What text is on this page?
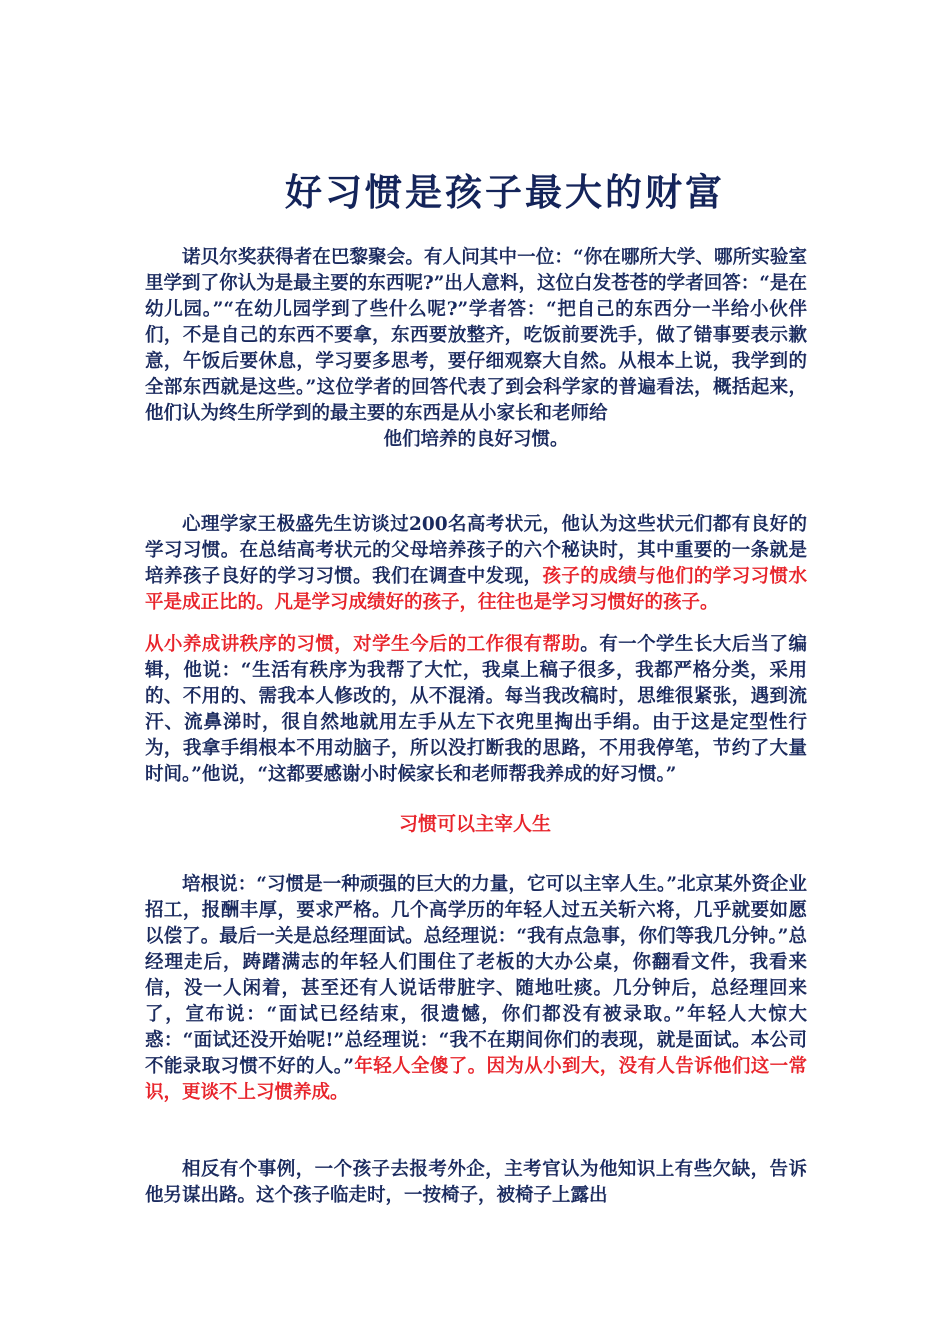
好习惯是孩子最大的财富
诺贝尔奖获得者在巴黎聚会。有人问其中一位：“你在哪所大学、哪所实验室里学到了你认为是最主要的东西呢?”出人意料，这位白发苍苍的学者回答：“是在幼儿园。”“在幼儿园学到了些什么呢?”学者答：“把自己的东西分一半给小伙伴们，不是自己的东西不要拿，东西要放整齐，吃饭前要洗手，做了错事要表示歉意，午饭后要休息，学习要多思考，要仔细观察大自然。从根本上说，我学到的全部东西就是这些。”这位学者的回答代表了到会科学家的普遍看法，概括起来，他们认为终生所学到的最主要的东西是从小家长和老师给
他们培养的良好习惯。
心理学家王极盛先生访谈过200名高考状元，他认为这些状元们都有良好的学习习惯。在总结高考状元的父母培养孩子的六个秘诀时，其中重要的一条就是培养孩子良好的学习习惯。我们在调查中发现，孩子的成绩与他们的学习习惯水平是成正比的。凡是学习成绩好的孩子，往往也是学习习惯好的孩子。
从小养成讲秩序的习惯，对学生今后的工作很有帮助。有一个学生长大后当了编辑，他说：“生活有秩序为我帮了大忙，我桌上稿子很多，我都严格分类，采用的、不用的、需我本人修改的，从不混淆。每当我改稿时，思维很紧张，遇到流汗、流鼻涕时，很自然地就用左手从左下衣兜里掏出手绢。由于这是定型性行为，我拿手绢根本不用动脑子，所以没打断我的思路，不用我停笔，节约了大量时间。”他说，“这都要感谢小时候家长和老师帮我养成的好习惯。”
习惯可以主宰人生
培根说：“习惯是一种顽强的巨大的力量，它可以主宰人生。”北京某外资企业招工，报酬丰厚，要求严格。几个高学历的年轻人过五关斩六将，几乎就要如愿以偿了。最后一关是总经理面试。总经理说：“我有点急事，你们等我几分钟。”总经理走后，踌躇满志的年轻人们围住了老板的大办公桌，你翻看文件，我看来信，没一人闲着，甚至还有人说话带脏字、随地吐痰。几分钟后，总经理回来了，宣布说：“面试已经结束，很遗憾，你们都没有被录取。”年轻人大惊大惑：“面试还没开始呢!”总经理说：“我不在期间你们的表现，就是面试。本公司不能录取习惯不好的人。”年轻人全傻了。因为从小到大，没有人告诉他们这一常识，更谈不上习惯养成。
相反有个事例，一个孩子去报考外企，主考官认为他知识上有些欠缺，告诉他另谋出路。这个孩子临走时，一按椅子，被椅子上露出
